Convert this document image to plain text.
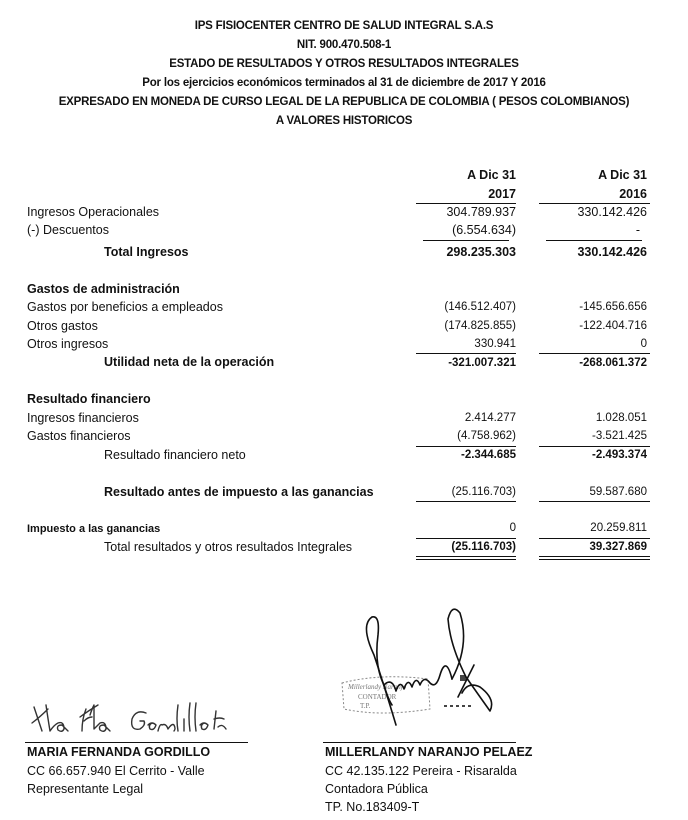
IPS FISIOCENTER CENTRO DE SALUD INTEGRAL S.A.S
NIT. 900.470.508-1
ESTADO DE RESULTADOS Y OTROS RESULTADOS INTEGRALES
Por los ejercicios económicos terminados al 31 de diciembre de 2017 Y 2016
EXPRESADO EN MONEDA DE CURSO LEGAL DE LA REPUBLICA DE COLOMBIA ( PESOS COLOMBIANOS)
A VALORES HISTORICOS
A Dic 31
2017
A Dic 31
2016
Ingresos Operacionales	304.789.937	330.142.426
(-) Descuentos	(6.554.634)	-
Total Ingresos	298.235.303	330.142.426
Gastos de administración
Gastos por beneficios a empleados	(146.512.407)	-145.656.656
Otros gastos	(174.825.855)	-122.404.716
Otros ingresos	330.941	0
Utilidad neta de la operación	-321.007.321	-268.061.372
Resultado financiero
Ingresos financieros	2.414.277	1.028.051
Gastos financieros	(4.758.962)	-3.521.425
Resultado financiero neto	-2.344.685	-2.493.374
Resultado antes de impuesto a las ganancias	(25.116.703)	59.587.680
Impuesto a las ganancias	0	20.259.811
Total resultados y otros resultados Integrales	(25.116.703)	39.327.869
MARIA FERNANDA GORDILLO
CC 66.657.940 El Cerrito - Valle
Representante Legal
Millerlandy Naranjo
CONTADOR
T.P.
MILLERLANDY NARANJO PELAEZ
CC 42.135.122 Pereira - Risaralda
Contadora Pública
TP. No.183409-T
